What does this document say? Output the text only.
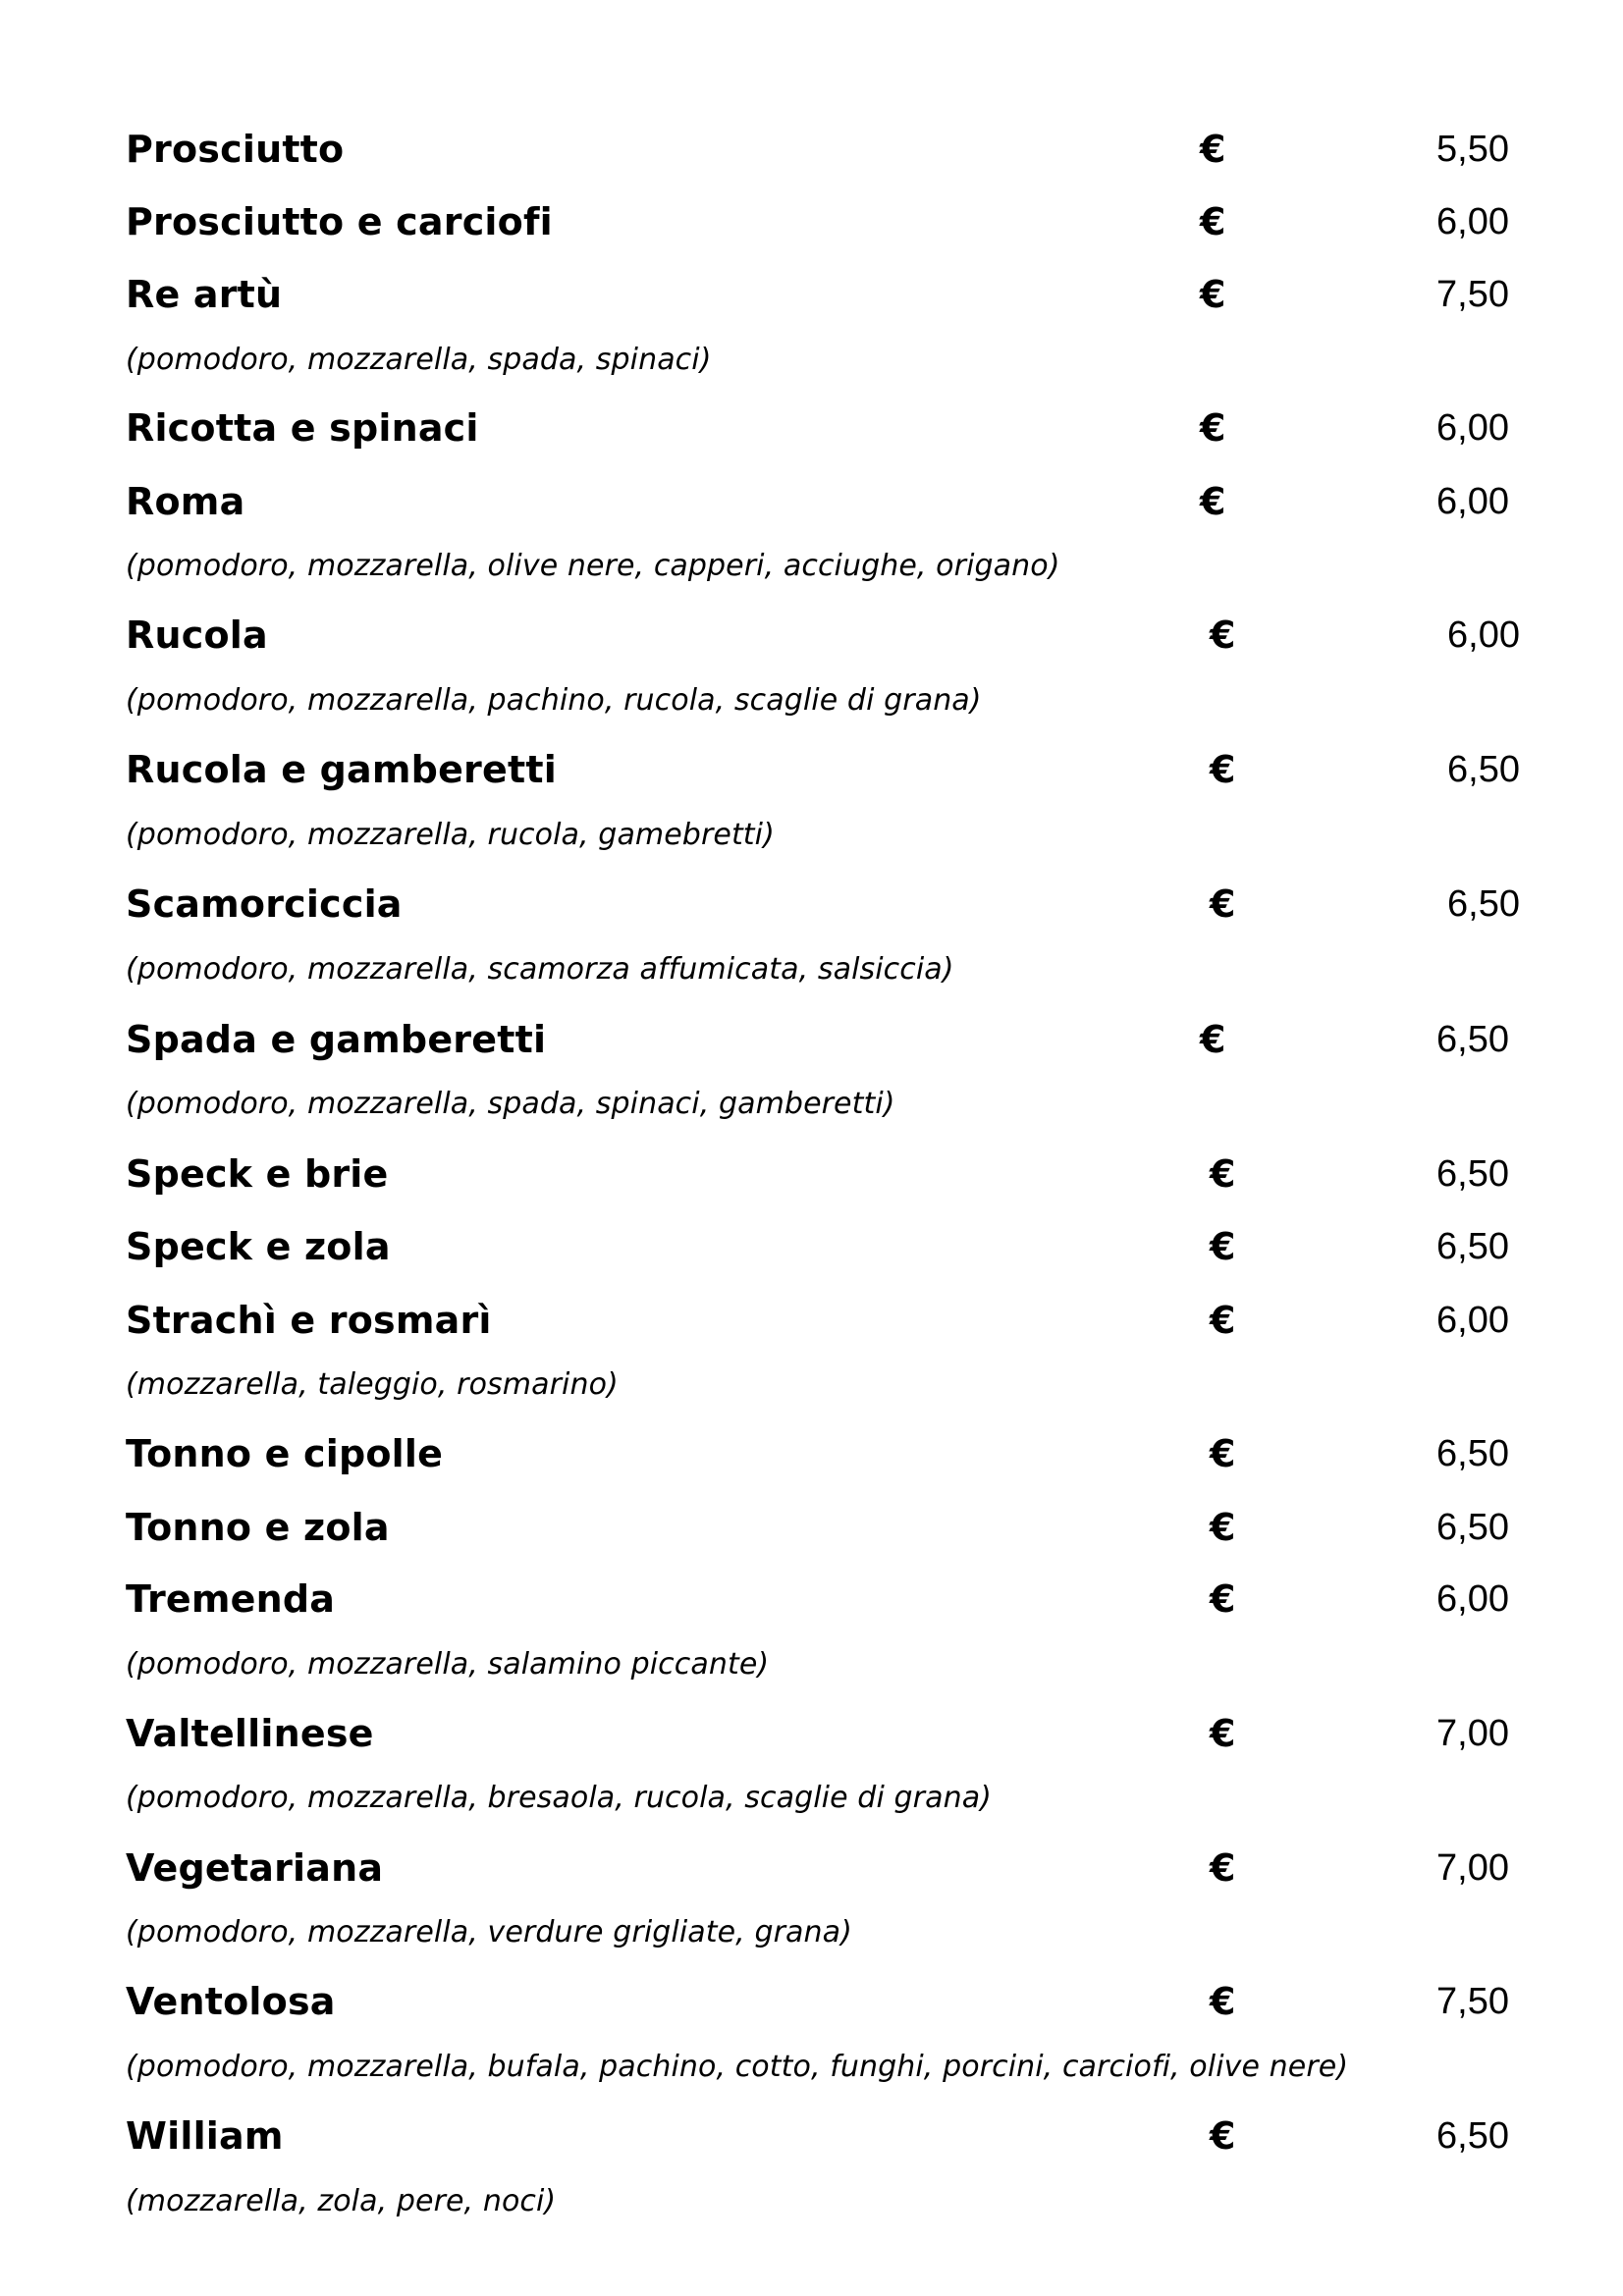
Prosciutto	€	5,50
Prosciutto e carciofi	€	6,00
Re artù	€	7,50
(pomodoro, mozzarella, spada, spinaci)
Ricotta e spinaci	€	6,00
Roma	€	6,00
(pomodoro, mozzarella, olive nere, capperi, acciughe, origano)
Rucola	€	6,00
(pomodoro, mozzarella, pachino, rucola, scaglie di grana)
Rucola e gamberetti	€	6,50
(pomodoro, mozzarella, rucola, gamebretti)
Scamorciccia	€	6,50
(pomodoro, mozzarella, scamorza affumicata, salsiccia)
Spada e gamberetti	€	6,50
(pomodoro, mozzarella, spada, spinaci, gamberetti)
Speck e brie	€	6,50
Speck e zola	€	6,50
Strachì e rosmarì	€	6,00
(mozzarella, taleggio, rosmarino)
Tonno e cipolle	€	6,50
Tonno e zola	€	6,50
Tremenda	€	6,00
(pomodoro, mozzarella, salamino piccante)
Valtellinese	€	7,00
(pomodoro, mozzarella, bresaola, rucola, scaglie di grana)
Vegetariana	€	7,00
(pomodoro, mozzarella, verdure grigliate, grana)
Ventolosa	€	7,50
(pomodoro, mozzarella, bufala, pachino, cotto, funghi, porcini, carciofi, olive nere)
William	€	6,50
(mozzarella, zola, pere, noci)
